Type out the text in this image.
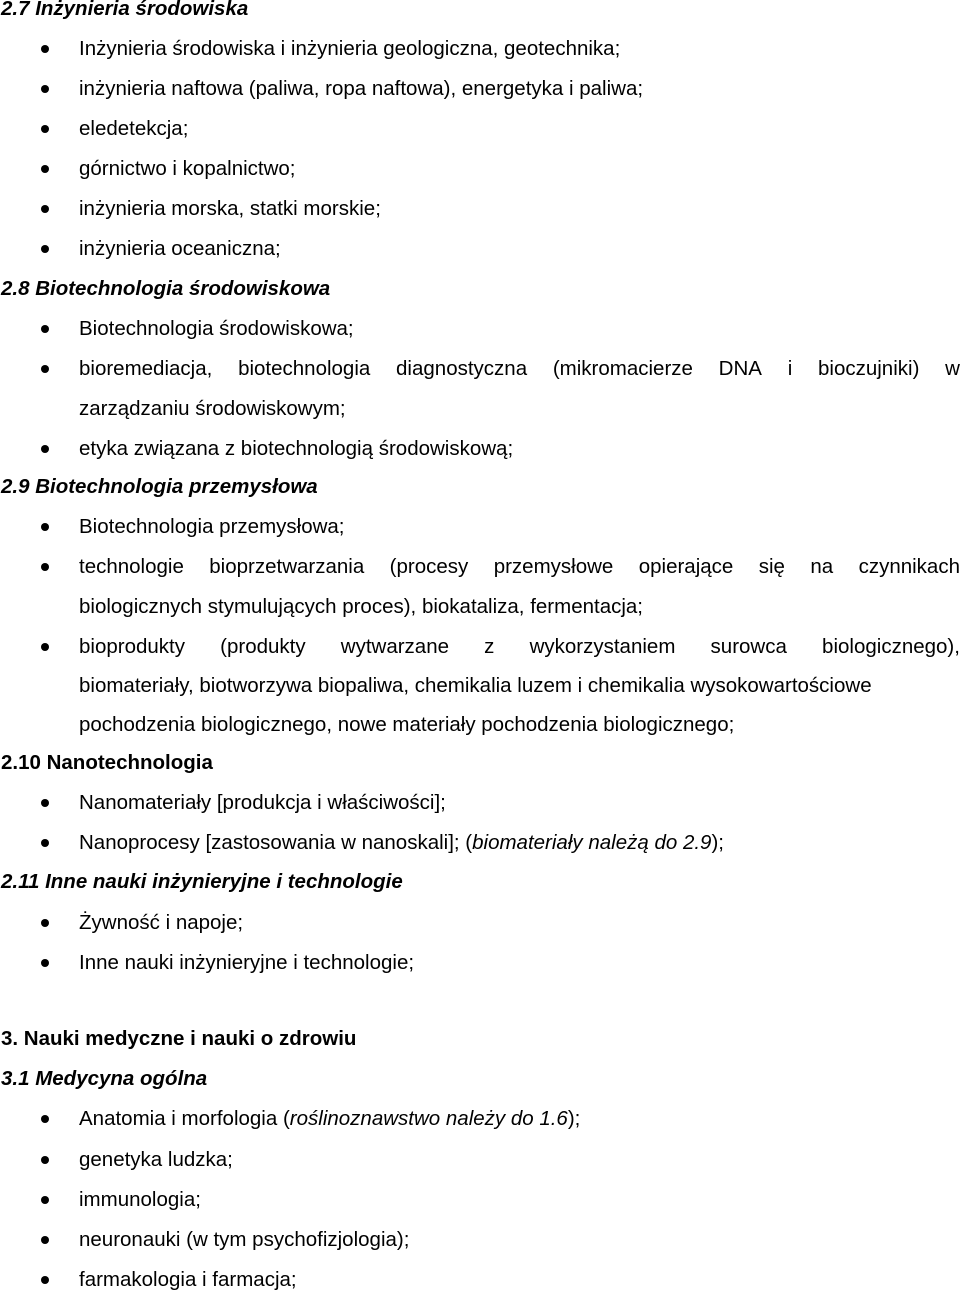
2.7 Inżynieria środowiska
Inżynieria środowiska i inżynieria geologiczna, geotechnika;
inżynieria naftowa (paliwa, ropa naftowa), energetyka i paliwa;
eledetekcja;
górnictwo i kopalnictwo;
inżynieria morska, statki morskie;
inżynieria oceaniczna;
2.8 Biotechnologia środowiskowa
Biotechnologia środowiskowa;
bioremediacja, biotechnologia diagnostyczna (mikromacierze DNA i bioczujniki) w
zarządzaniu środowiskowym;
etyka związana z biotechnologią środowiskową;
2.9 Biotechnologia przemysłowa
Biotechnologia przemysłowa;
technologie bioprzetwarzania (procesy przemysłowe opierające się na czynnikach
biologicznych stymulujących proces), biokataliza, fermentacja;
bioprodukty (produkty wytwarzane z wykorzystaniem surowca biologicznego),
biomateriały, biotworzywa biopaliwa, chemikalia luzem i chemikalia wysokowartościowe
pochodzenia biologicznego, nowe materiały pochodzenia biologicznego;
2.10 Nanotechnologia
Nanomateriały [produkcja i właściwości];
Nanoprocesy [zastosowania w nanoskali]; (biomateriały należą do 2.9);
2.11 Inne nauki inżynieryjne i technologie
Żywność i napoje;
Inne nauki inżynieryjne i technologie;
3. Nauki medyczne i nauki o zdrowiu
3.1 Medycyna ogólna
Anatomia i morfologia (roślinoznawstwo należy do 1.6);
genetyka ludzka;
immunologia;
neuronauki (w tym psychofizjologia);
farmakologia i farmacja;
